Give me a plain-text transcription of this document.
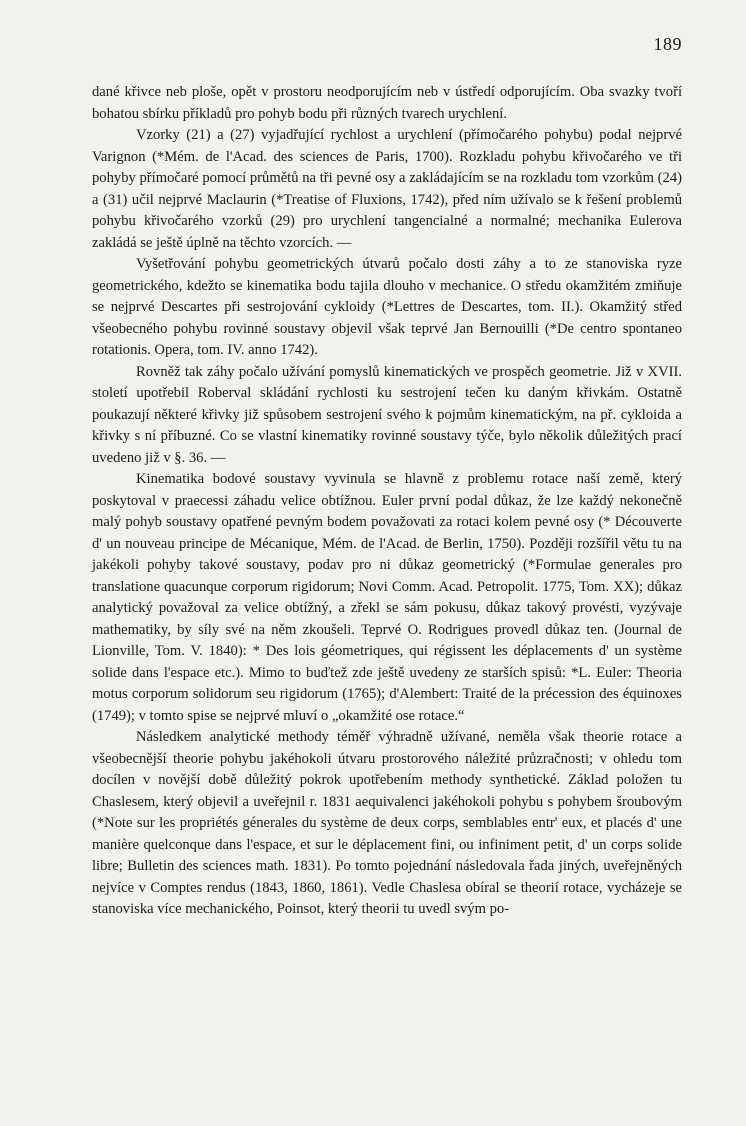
189

dané křivce neb ploše, opět v prostoru neodporujícím neb v ústředí odporujícím. Oba svazky tvoří bohatou sbírku příkladů pro pohyb bodu při různých tvarech urychlení.

Vzorky (21) a (27) vyjadřující rychlost a urychlení (přímočarého pohybu) podal nejprvé Varignon (*Mém. de l'Acad. des sciences de Paris, 1700). Rozkladu pohybu křivočarého ve tři pohyby přímočaré pomocí průmětů na tři pevné osy a zakládajícím se na rozkladu tom vzorkům (24) a (31) učil nejprvé Maclaurin (*Treatise of Fluxions, 1742), před ním užívalo se k řešení problemů pohybu křivočarého vzorků (29) pro urychlení tangencialné a normalné; mechanika Eulerova zakládá se ještě úplně na těchto vzorcích. —

Vyšetřování pohybu geometrických útvarů počalo dosti záhy a to ze stanoviska ryze geometrického, kdežto se kinematika bodu tajila dlouho v mechanice. O středu okamžitém zmiňuje se nejprvé Descartes při sestrojování cykloidy (*Lettres de Descartes, tom. II.). Okamžitý střed všeobecného pohybu rovinné soustavy objevil však teprvé Jan Bernouilli (*De centro spontaneo rotationis. Opera, tom. IV. anno 1742).

Rovněž tak záhy počalo užívání pomyslů kinematických ve prospěch geometrie. Již v XVII. století upotřebil Roberval skládání rychlosti ku sestrojení tečen ku daným křivkám. Ostatně poukazují některé křivky již spůsobem sestrojení svého k pojmům kinematickým, na př. cykloida a křivky s ní příbuzné. Co se vlastní kinematiky rovinné soustavy týče, bylo několik důležitých prací uvedeno již v §. 36. —

Kinematika bodové soustavy vyvinula se hlavně z problemu rotace naší země, který poskytoval v praecessi záhadu velice obtížnou. Euler první podal důkaz, že lze každý nekonečně malý pohyb soustavy opatřené pevným bodem považovati za rotaci kolem pevné osy (* Découverte d' un nouveau principe de Mécanique, Mém. de l'Acad. de Berlin, 1750). Později rozšířil větu tu na jakékoli pohyby takové soustavy, podav pro ni důkaz geometrický (*Formulae generales pro translatione quacunque corporum rigidorum; Novi Comm. Acad. Petropolit. 1775, Tom. XX); důkaz analytický považoval za velice obtížný, a zřekl se sám pokusu, důkaz takový provésti, vyzývaje mathematiky, by síly své na něm zkoušeli. Teprvé O. Rodrigues provedl důkaz ten. (Journal de Lionville, Tom. V. 1840): * Des lois géometriques, qui régissent les déplacements d' un système solide dans l'espace etc.). Mimo to buďtež zde ještě uvedeny ze starších spisů: *L. Euler: Theoria motus corporum solidorum seu rigidorum (1765); d'Alembert: Traité de la précession des équinoxes (1749); v tomto spise se nejprvé mluví o „okamžité ose rotace.“

Následkem analytické methody téměř výhradně užívané, neměla však theorie rotace a všeobecnější theorie pohybu jakéhokoli útvaru prostorového náležité průzračnosti; v ohledu tom docílen v novější době důležitý pokrok upotřebením methody synthetické. Základ položen tu Chaslesem, který objevil a uveřejnil r. 1831 aequivalenci jakéhokoli pohybu s pohybem šroubovým (*Note sur les propriétés génerales du système de deux corps, semblables entr' eux, et placés d' une manière quelconque dans l'espace, et sur le déplacement fini, ou infiniment petit, d' un corps solide libre; Bulletin des sciences math. 1831). Po tomto pojednání následovala řada jiných, uveřejněných nejvíce v Comptes rendus (1843, 1860, 1861). Vedle Chaslesa obíral se theorií rotace, vycházeje se stanoviska více mechanického, Poinsot, který theorii tu uvedl svým po-
